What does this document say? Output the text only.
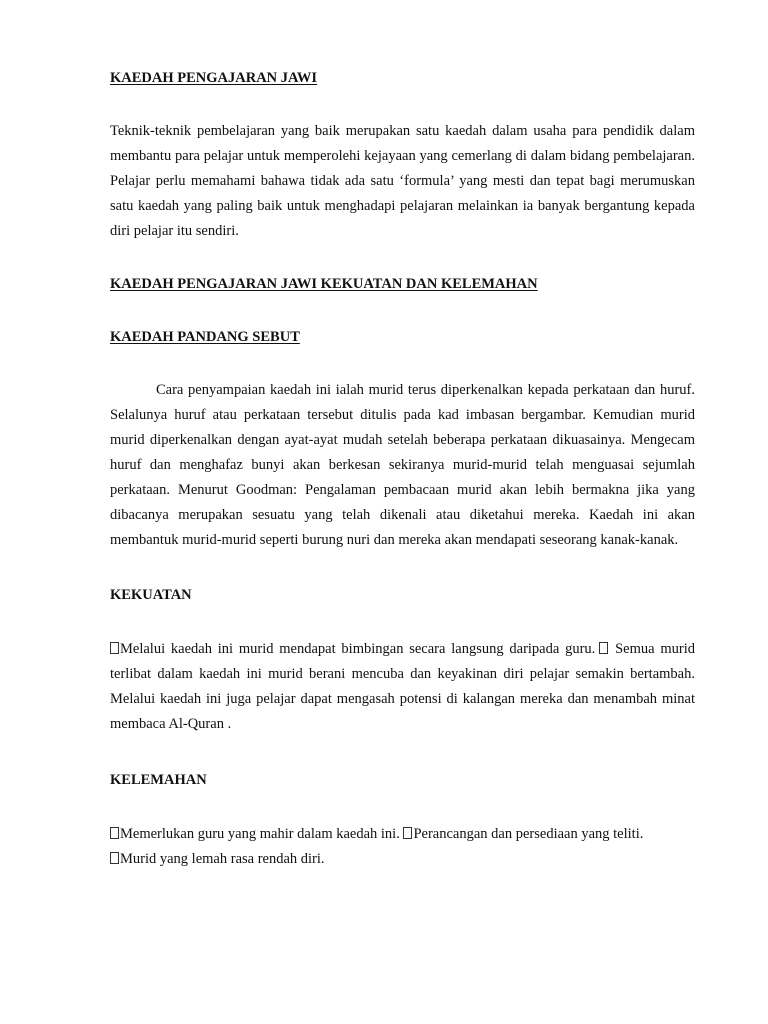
KAEDAH PENGAJARAN JAWI

Teknik-teknik pembelajaran yang baik merupakan satu kaedah dalam usaha para pendidik dalam membantu para pelajar untuk memperolehi kejayaan yang cemerlang di dalam bidang pembelajaran. Pelajar perlu memahami bahawa tidak ada satu ‘formula’ yang mesti dan tepat bagi merumuskan satu kaedah yang paling baik untuk menghadapi pelajaran melainkan ia banyak bergantung kepada diri pelajar itu sendiri.

KAEDAH PENGAJARAN JAWI KEKUATAN DAN KELEMAHAN
KAEDAH PANDANG SEBUT

Cara penyampaian kaedah ini ialah murid terus diperkenalkan kepada perkataan dan huruf. Selalunya huruf atau perkataan tersebut ditulis pada kad imbasan bergambar. Kemudian murid murid diperkenalkan dengan ayat-ayat mudah setelah beberapa perkataan dikuasainya. Mengecam huruf dan menghafaz bunyi akan berkesan sekiranya murid-murid telah menguasai sejumlah perkataan. Menurut Goodman: Pengalaman pembacaan murid akan lebih bermakna jika yang dibacanya merupakan sesuatu yang telah dikenali atau diketahui mereka. Kaedah ini akan membantuk murid-murid seperti burung nuri dan mereka akan mendapati seseorang kanak-kanak.

KEKUATAN

Melalui kaedah ini murid mendapat bimbingan secara langsung daripada guru. Semua murid terlibat dalam kaedah ini murid berani mencuba dan keyakinan diri pelajar semakin bertambah. Melalui kaedah ini juga pelajar dapat mengasah potensi di kalangan mereka dan menambah minat membaca Al-Quran .

KELEMAHAN

Memerlukan guru yang mahir dalam kaedah ini. Perancangan dan persediaan yang teliti.
Murid yang lemah rasa rendah diri.
